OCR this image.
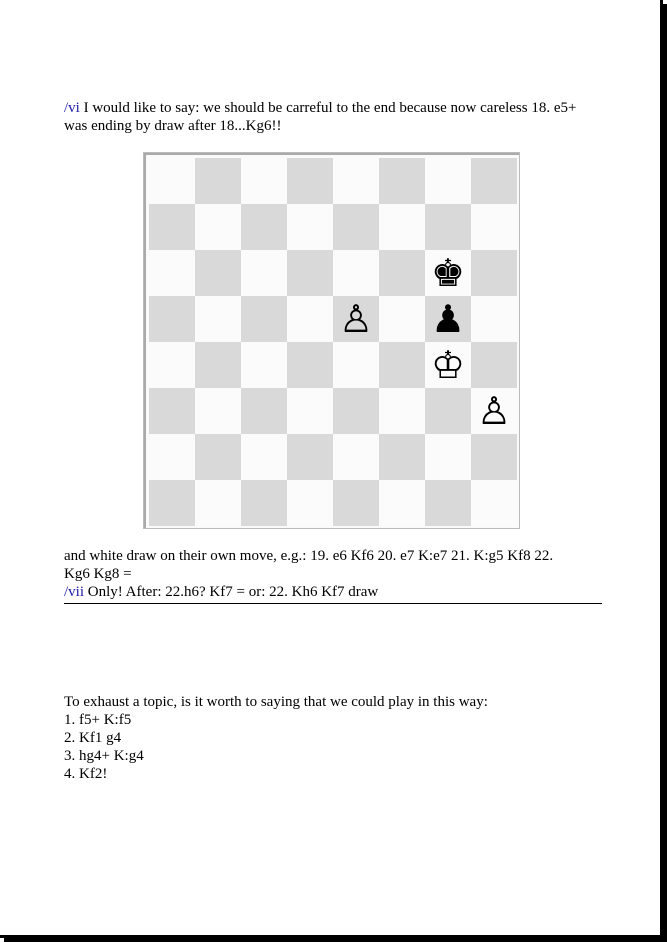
/vi I would like to say: we should be carreful to the end because now careless 18. e5+
was ending by draw after 18...Kg6!!
♚
♙ ♟
♔
♙
and white draw on their own move, e.g.: 19. e6 Kf6 20. e7 K:e7 21. K:g5 Kf8 22.
Kg6 Kg8 =
/vii Only! After: 22.h6? Kf7 = or: 22. Kh6 Kf7 draw
To exhaust a topic, is it worth to saying that we could play in this way:
1. f5+ K:f5
2. Kf1 g4
3. hg4+ K:g4
4. Kf2!
